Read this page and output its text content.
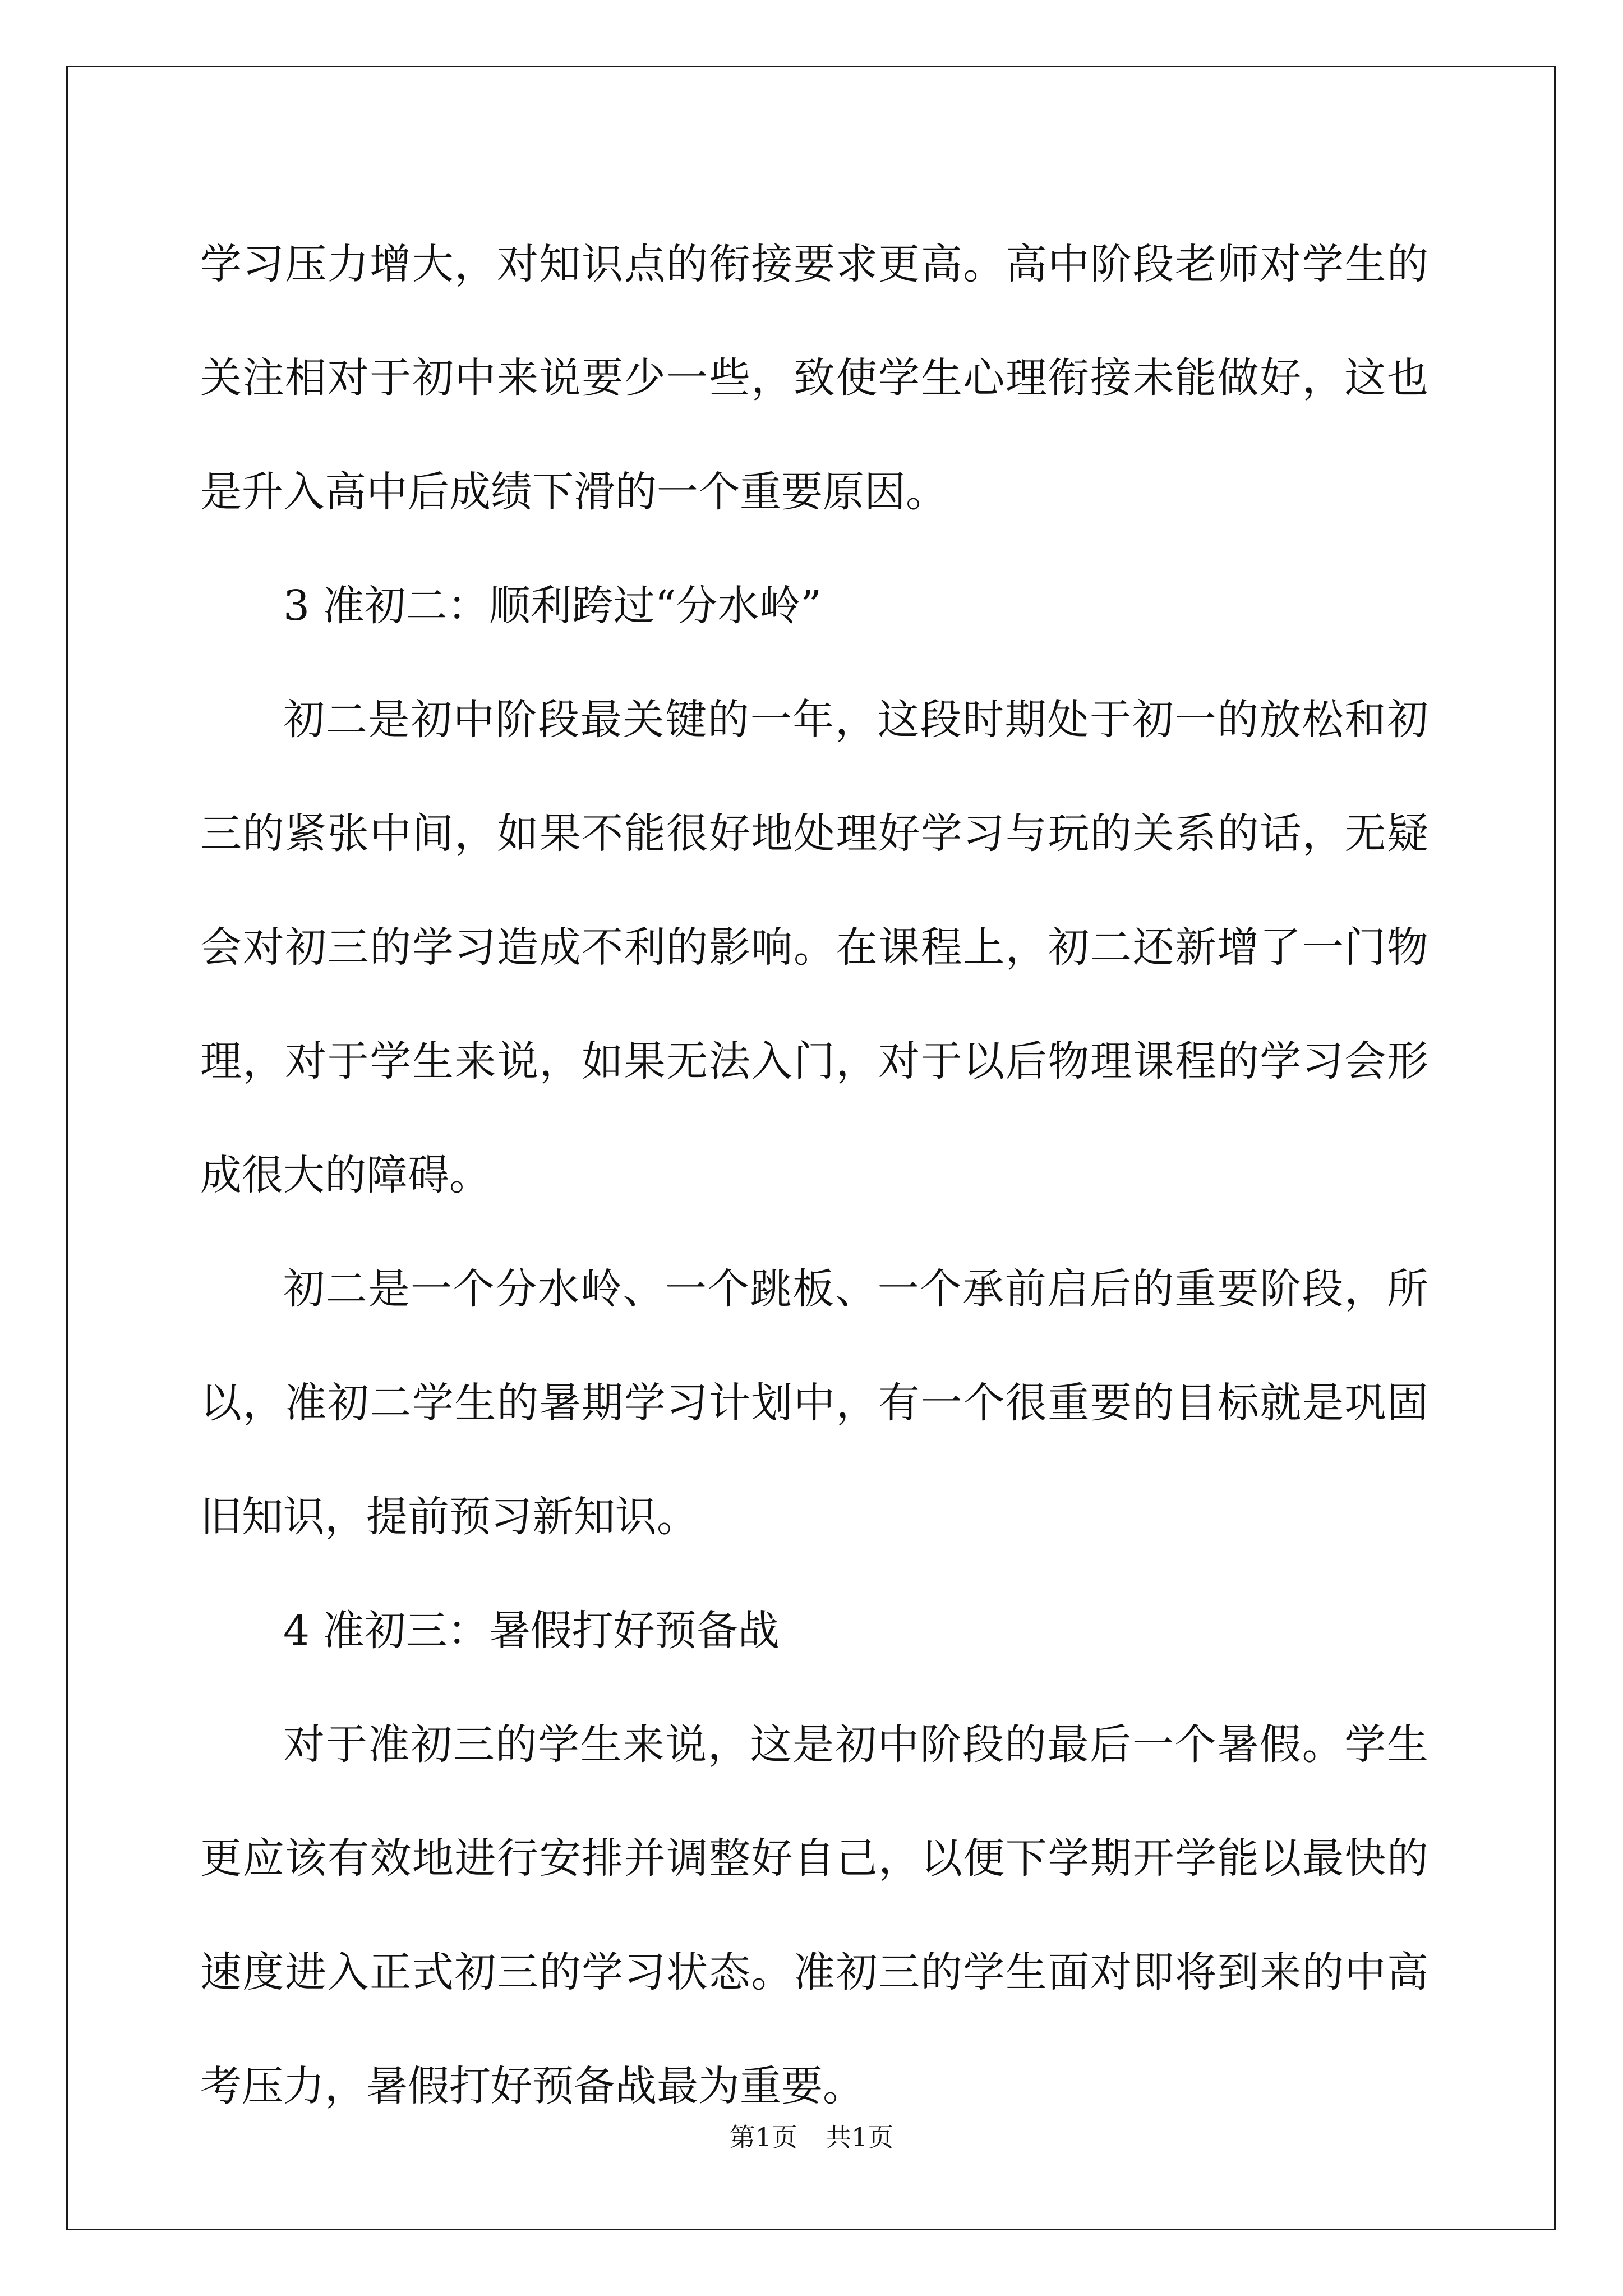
学习压力增大，对知识点的衔接要求更高。高中阶段老师对学生的关注相对于初中来说要少一些，致使学生心理衔接未能做好，这也是升入高中后成绩下滑的一个重要原因。

3 准初二：顺利跨过“分水岭”

初二是初中阶段最关键的一年，这段时期处于初一的放松和初三的紧张中间，如果不能很好地处理好学习与玩的关系的话，无疑会对初三的学习造成不利的影响。在课程上，初二还新增了一门物理，对于学生来说，如果无法入门，对于以后物理课程的学习会形成很大的障碍。

初二是一个分水岭、一个跳板、一个承前启后的重要阶段，所以，准初二学生的暑期学习计划中，有一个很重要的目标就是巩固旧知识，提前预习新知识。

4 准初三：暑假打好预备战

对于准初三的学生来说，这是初中阶段的最后一个暑假。学生更应该有效地进行安排并调整好自己，以便下学期开学能以最快的速度进入正式初三的学习状态。准初三的学生面对即将到来的中高考压力，暑假打好预备战最为重要。

第1页 共1页
